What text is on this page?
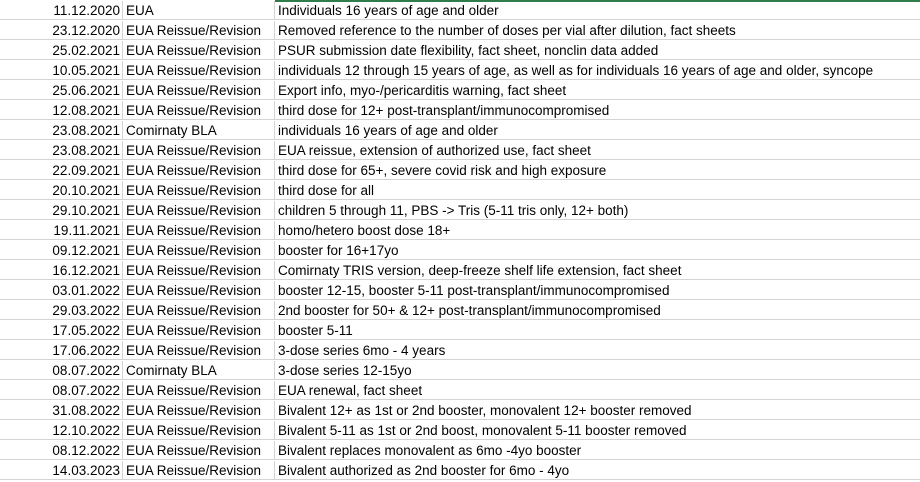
11.12.2020 EUA	Individuals 16 years of age and older
23.12.2020 EUA Reissue/Revision	Removed reference to the number of doses per vial after dilution, fact sheets
25.02.2021 EUA Reissue/Revision	PSUR submission date flexibility, fact sheet, nonclin data added
10.05.2021 EUA Reissue/Revision	individuals 12 through 15 years of age, as well as for individuals 16 years of age and older, syncope
25.06.2021 EUA Reissue/Revision	Export info, myo-/pericarditis warning, fact sheet
12.08.2021 EUA Reissue/Revision	third dose for 12+ post-transplant/immunocompromised
23.08.2021 Comirnaty BLA	individuals 16 years of age and older
23.08.2021 EUA Reissue/Revision	EUA reissue, extension of authorized use, fact sheet
22.09.2021 EUA Reissue/Revision	third dose for 65+, severe covid risk and high exposure
20.10.2021 EUA Reissue/Revision	third dose for all
29.10.2021 EUA Reissue/Revision	children 5 through 11, PBS -> Tris (5-11 tris only, 12+ both)
19.11.2021 EUA Reissue/Revision	homo/hetero boost dose 18+
09.12.2021 EUA Reissue/Revision	booster for 16+17yo
16.12.2021 EUA Reissue/Revision	Comirnaty TRIS version, deep-freeze shelf life extension, fact sheet
03.01.2022 EUA Reissue/Revision	booster 12-15, booster 5-11 post-transplant/immunocompromised
29.03.2022 EUA Reissue/Revision	2nd booster for 50+ & 12+ post-transplant/immunocompromised
17.05.2022 EUA Reissue/Revision	booster 5-11
17.06.2022 EUA Reissue/Revision	3-dose series 6mo - 4 years
08.07.2022 Comirnaty BLA	3-dose series 12-15yo
08.07.2022 EUA Reissue/Revision	EUA renewal, fact sheet
31.08.2022 EUA Reissue/Revision	Bivalent 12+ as 1st or 2nd booster, monovalent 12+ booster removed
12.10.2022 EUA Reissue/Revision	Bivalent 5-11 as 1st or 2nd boost, monovalent 5-11 booster removed
08.12.2022 EUA Reissue/Revision	Bivalent replaces monovalent as 6mo -4yo booster
14.03.2023 EUA Reissue/Revision	Bivalent authorized as 2nd booster for 6mo - 4yo
